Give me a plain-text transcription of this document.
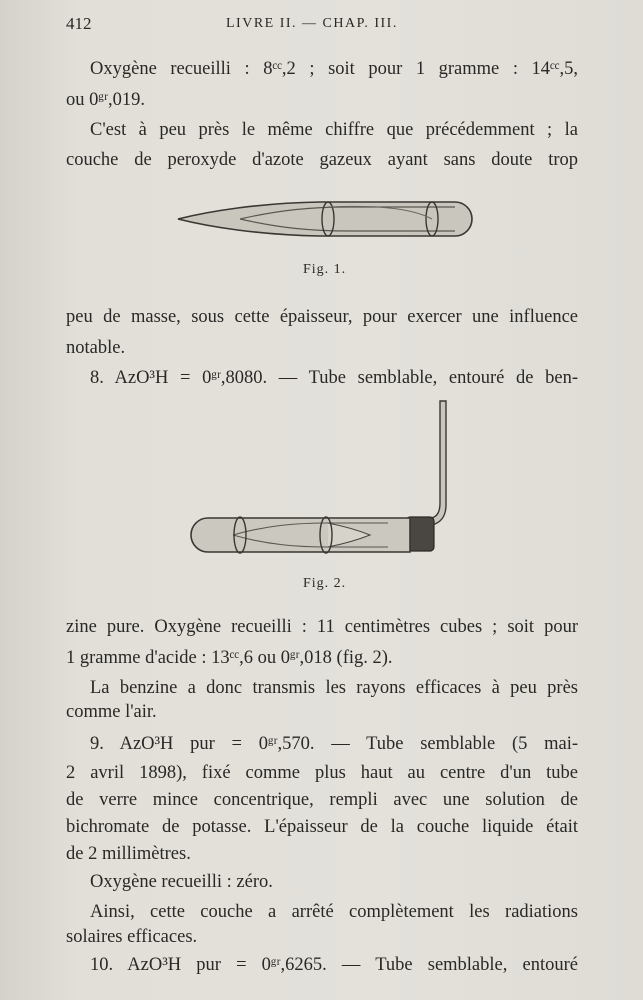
412	LIVRE II. — CHAP. III.
Oxygène recueilli : 8ᶜᶜ,2 ; soit pour 1 gramme : 14ᶜᶜ,5,
ou 0ᵍʳ,019.
C'est à peu près le même chiffre que précédemment ; la
couche de peroxyde d'azote gazeux ayant sans doute trop
Fig. 1.
peu de masse, sous cette épaisseur, pour exercer une influence
notable.
8. AzO³H = 0ᵍʳ,8080. — Tube semblable, entouré de ben-
Fig. 2.
zine pure. Oxygène recueilli : 11 centimètres cubes ; soit pour
1 gramme d'acide : 13ᶜᶜ,6 ou 0ᵍʳ,018 (fig. 2).
La benzine a donc transmis les rayons efficaces à peu près
comme l'air.
9. AzO³H pur = 0ᵍʳ,570. — Tube semblable (5 mai-
2 avril 1898), fixé comme plus haut au centre d'un tube
de verre mince concentrique, rempli avec une solution de
bichromate de potasse. L'épaisseur de la couche liquide était
de 2 millimètres.
Oxygène recueilli : zéro.
Ainsi, cette couche a arrêté complètement les radiations
solaires efficaces.
10. AzO³H pur = 0ᵍʳ,6265. — Tube semblable, entouré
